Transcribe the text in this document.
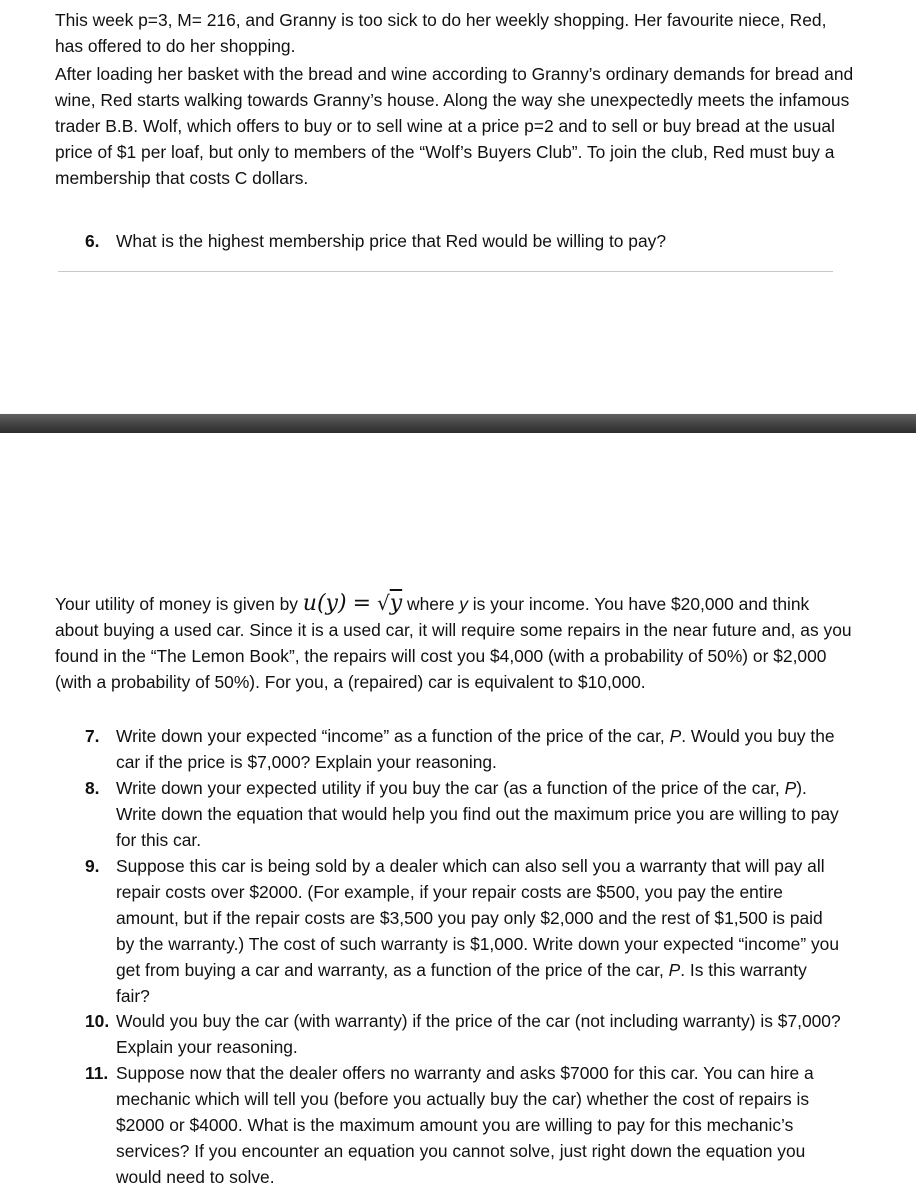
This week p=3, M= 216, and Granny is too sick to do her weekly shopping. Her favourite niece, Red, has offered to do her shopping.

After loading her basket with the bread and wine according to Granny’s ordinary demands for bread and wine, Red starts walking towards Granny’s house. Along the way she unexpectedly meets the infamous trader B.B. Wolf, which offers to buy or to sell wine at a price p=2 and to sell or buy bread at the usual price of $1 per loaf, but only to members of the “Wolf’s Buyers Club”. To join the club, Red must buy a membership that costs C dollars.

6. What is the highest membership price that Red would be willing to pay?

Your utility of money is given by u(y) = √y where y is your income. You have $20,000 and think about buying a used car. Since it is a used car, it will require some repairs in the near future and, as you found in the “The Lemon Book”, the repairs will cost you $4,000 (with a probability of 50%) or $2,000 (with a probability of 50%). For you, a (repaired) car is equivalent to $10,000.

7. Write down your expected “income” as a function of the price of the car, P. Would you buy the car if the price is $7,000? Explain your reasoning.
8. Write down your expected utility if you buy the car (as a function of the price of the car, P). Write down the equation that would help you find out the maximum price you are willing to pay for this car.
9. Suppose this car is being sold by a dealer which can also sell you a warranty that will pay all repair costs over $2000. (For example, if your repair costs are $500, you pay the entire amount, but if the repair costs are $3,500 you pay only $2,000 and the rest of $1,500 is paid by the warranty.) The cost of such warranty is $1,000. Write down your expected “income” you get from buying a car and warranty, as a function of the price of the car, P. Is this warranty fair?
10. Would you buy the car (with warranty) if the price of the car (not including warranty) is $7,000? Explain your reasoning.
11. Suppose now that the dealer offers no warranty and asks $7000 for this car. You can hire a mechanic which will tell you (before you actually buy the car) whether the cost of repairs is $2000 or $4000. What is the maximum amount you are willing to pay for this mechanic’s services? If you encounter an equation you cannot solve, just right down the equation you would need to solve.
